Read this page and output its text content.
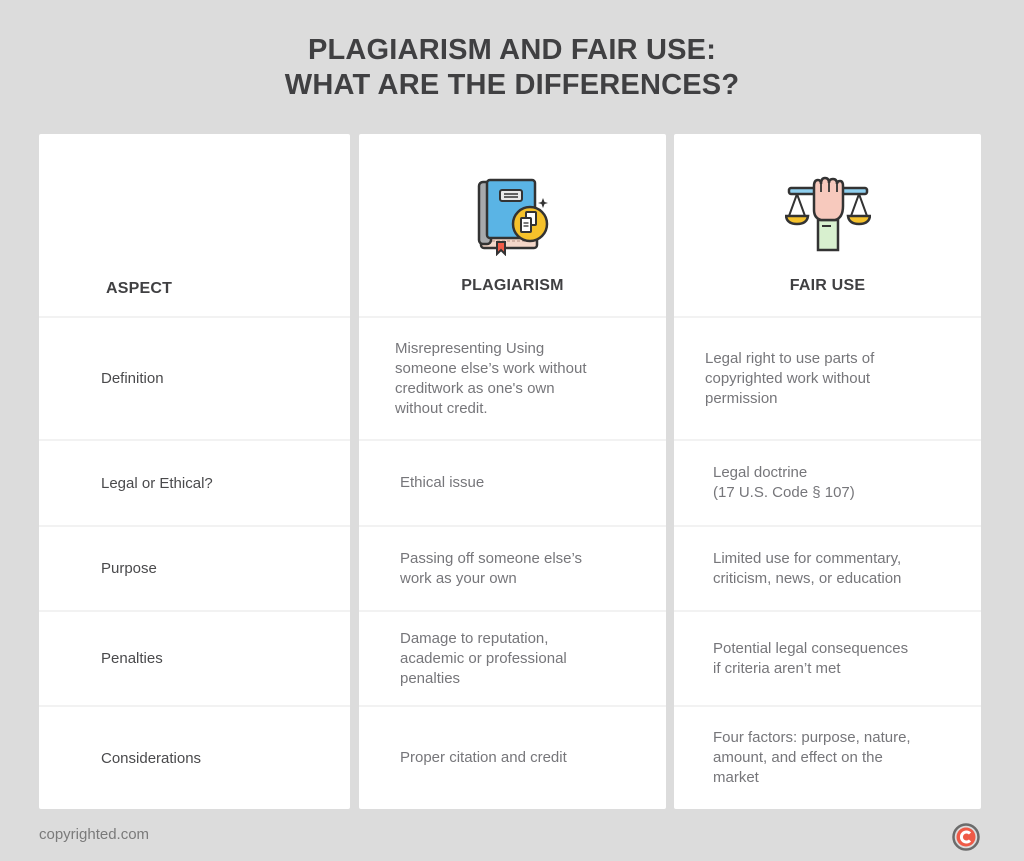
PLAGIARISM AND FAIR USE:
WHAT ARE THE DIFFERENCES?
ASPECT
Definition
Legal or Ethical?
Purpose
Penalties
Considerations
PLAGIARISM
Misrepresenting Using
someone else’s work without
creditwork as one's own
without credit.
Ethical issue
Passing off someone else’s
work as your own
Damage to reputation,
academic or professional
penalties
Proper citation and credit
FAIR USE
Legal right to use parts of
copyrighted work without
permission
Legal doctrine
(17 U.S. Code § 107)
Limited use for commentary,
criticism, news, or education
Potential legal consequences
if criteria aren’t met
Four factors: purpose, nature,
amount, and effect on the
market
copyrighted.com
